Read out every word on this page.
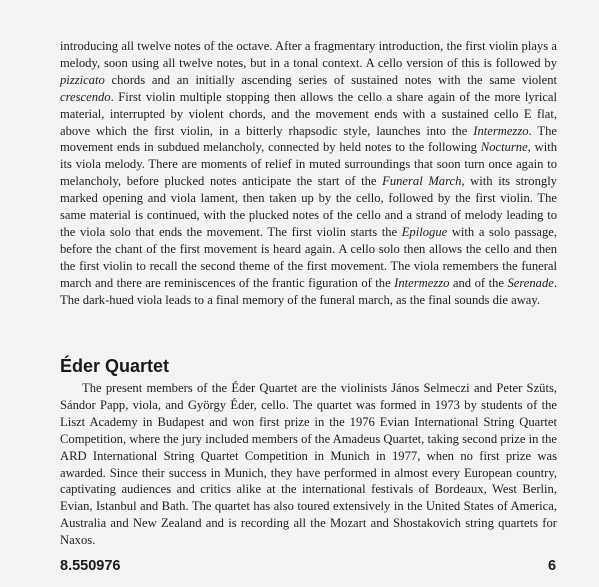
introducing all twelve notes of the octave. After a fragmentary introduction, the first violin plays a melody, soon using all twelve notes, but in a tonal context. A cello version of this is followed by pizzicato chords and an initially ascending series of sustained notes with the same violent crescendo. First violin multiple stopping then allows the cello a share again of the more lyrical material, interrupted by violent chords, and the movement ends with a sustained cello E flat, above which the first violin, in a bitterly rhapsodic style, launches into the Intermezzo. The movement ends in subdued melancholy, connected by held notes to the following Nocturne, with its viola melody. There are moments of relief in muted surroundings that soon turn once again to melancholy, before plucked notes anticipate the start of the Funeral March, with its strongly marked opening and viola lament, then taken up by the cello, followed by the first violin. The same material is continued, with the plucked notes of the cello and a strand of melody leading to the viola solo that ends the movement. The first violin starts the Epilogue with a solo passage, before the chant of the first movement is heard again. A cello solo then allows the cello and then the first violin to recall the second theme of the first movement. The viola remembers the funeral march and there are reminiscences of the frantic figuration of the Intermezzo and of the Serenade. The dark-hued viola leads to a final memory of the funeral march, as the final sounds die away.

Éder Quartet

The present members of the Éder Quartet are the violinists János Selmeczi and Peter Szüts, Sándor Papp, viola, and György Éder, cello. The quartet was formed in 1973 by students of the Liszt Academy in Budapest and won first prize in the 1976 Evian International String Quartet Competition, where the jury included members of the Amadeus Quartet, taking second prize in the ARD International String Quartet Competition in Munich in 1977, when no first prize was awarded. Since their success in Munich, they have performed in almost every European country, captivating audiences and critics alike at the international festivals of Bordeaux, West Berlin, Evian, Istanbul and Bath. The quartet has also toured extensively in the United States of America, Australia and New Zealand and is recording all the Mozart and Shostakovich string quartets for Naxos.

8.550976	6
